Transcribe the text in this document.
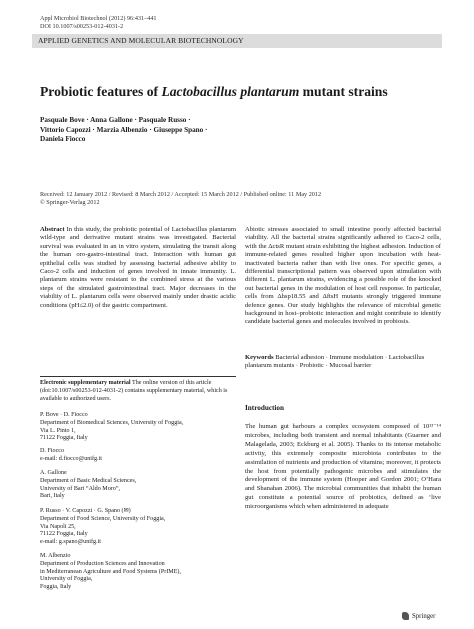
Appl Microbiol Biotechnol (2012) 96:431–441
DOI 10.1007/s00253-012-4031-2
APPLIED GENETICS AND MOLECULAR BIOTECHNOLOGY
Probiotic features of Lactobacillus plantarum mutant strains
Pasquale Bove · Anna Gallone · Pasquale Russo ·
Vittorio Capozzi · Marzia Albenzio · Giuseppe Spano ·
Daniela Fiocco
Received: 12 January 2012 / Revised: 8 March 2012 / Accepted: 15 March 2012 / Published online: 11 May 2012
© Springer-Verlag 2012

Abstract In this study, the probiotic potential of Lactobacillus plantarum wild-type and derivative mutant strains was investigated. Bacterial survival was evaluated in an in vitro system, simulating the transit along the human oro-gastro-intestinal tract. Interaction with human gut epithelial cells was studied by assessing bacterial adhesive ability to Caco-2 cells and induction of genes involved in innate immunity. L. plantarum strains were resistant to the combined stress at the various steps of the simulated gastrointestinal tract. Major decreases in the viability of L. plantarum cells were observed mainly under drastic acidic conditions (pH≤2.0) of the gastric compartment.

Abiotic stresses associated to small intestine poorly affected bacterial viability. All the bacterial strains significantly adhered to Caco-2 cells, with the ΔctsR mutant strain exhibiting the highest adhesion. Induction of immune-related genes resulted higher upon incubation with heat-inactivated bacteria rather than with live ones. For specific genes, a differential transcriptional pattern was observed upon stimulation with different L. plantarum strains, evidencing a possible role of the knocked out bacterial genes in the modulation of host cell response. In particular, cells from Δhsp18.55 and ΔftsH mutants strongly triggered immune defence genes. Our study highlights the relevance of microbial genetic background in host–probiotic interaction and might contribute to identify candidate bacterial genes and molecules involved in probiosis.

Keywords Bacterial adhesion · Immune modulation · Lactobacillus plantarum mutants · Probiotic · Mucosal barrier
Electronic supplementary material The online version of this article (doi:10.1007/s00253-012-4031-2) contains supplementary material, which is available to authorized users.
P. Bove · D. Fiocco
Department of Biomedical Sciences, University of Foggia,
Via L. Pinto 1,
71122 Foggia, Italy
D. Fiocco
e-mail: d.fiocco@unifg.it
A. Gallone
Department of Basic Medical Sciences,
University of Bari “Aldo Moro”,
Bari, Italy
P. Russo · V. Capozzi · G. Spano (✉)
Department of Food Science, University of Foggia,
Via Napoli 25,
71122 Foggia, Italy
e-mail: g.spano@unifg.it
M. Albenzio
Department of Production Sciences and Innovation
in Mediterranean Agriculture and Food Systems (PrIME),
University of Foggia,
Foggia, Italy
Introduction
The human gut harbours a complex ecosystem composed of 10¹³⁻¹⁴ microbes, including both transient and normal inhabitants (Guarner and Malagelada, 2003; Eckburg et al. 2005). Thanks to its intense metabolic activity, this extremely composite microbiota contributes to the assimilation of nutrients and production of vitamins; moreover, it protects the host from potentially pathogenic microbes and stimulates the development of the immune system (Hooper and Gordon 2001; O’Hara and Shanahan 2006). The microbial communities that inhabit the human gut constitute a potential source of probiotics, defined as ‘live microorganisms which when administered in adequate
Springer
